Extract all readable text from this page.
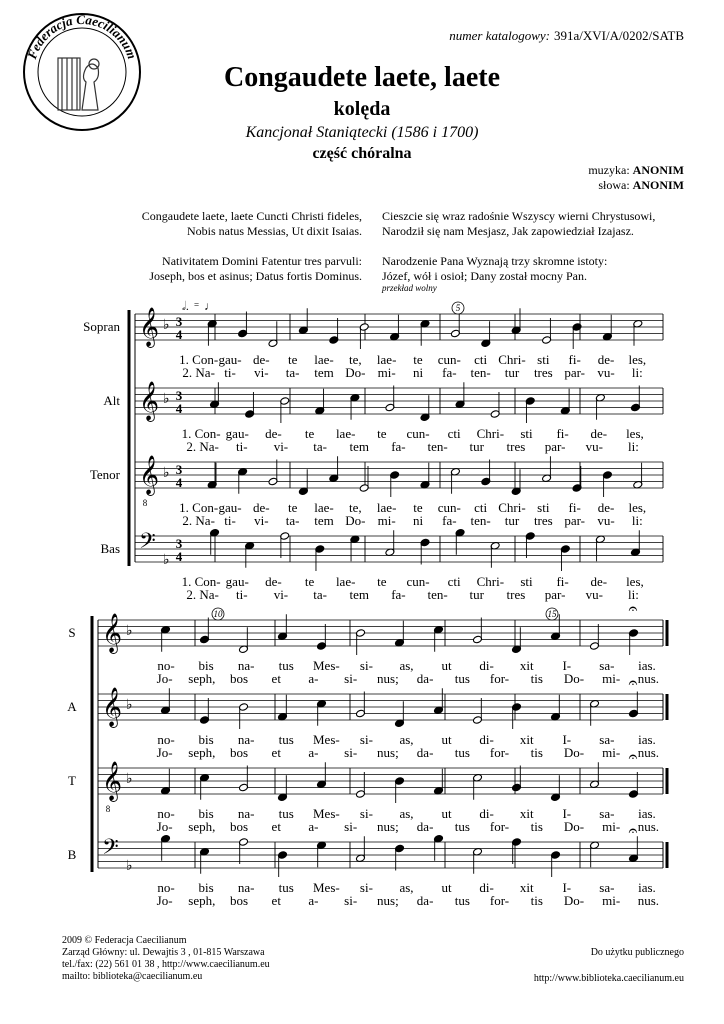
Federacja Caecilianum
numer katalogowy: 391a/XVI/A/0202/SATB
Congaudete laete, laete
kolęda
Kancjonał Staniątecki (1586 i 1700)
część chóralna
muzyka: ANONIM
słowa: ANONIM
Congaudete laete, laete Cuncti Christi fideles,
Nobis natus Messias, Ut dixit Isaias.
Nativitatem Domini Fatentur tres parvuli:
Joseph, bos et asinus; Datus fortis Dominus.
Cieszcie się wraz radośnie Wszyscy wierni Chrystusowi,
Narodził się nam Mesjasz, Jak zapowiedział Izajasz.
Narodzenie Pana Wyznają trzy skromne istoty:
Józef, wół i osioł; Dany został mocny Pan.
przekład wolny
𝄞 ♭ 3
4
Sopran
1. Con- gau- de- te lae- te, lae- te cun- cti Chri- sti fi- de- les,
2. Na- ti- vi- ta- tem Do- mi- ni fa- ten- tur tres par- vu- li:
𝄞 ♭ 3
4
Alt
1. Con- gau- de- te lae- te cun- cti Chri- sti fi- de- les,
2. Na- ti- vi- ta- tem fa- ten- tur tres par- vu- li:
𝄞
8
♭ 3
4
Tenor
1. Con- gau- de- te lae- te, lae- te cun- cti Chri- sti fi- de- les,
2. Na- ti- vi- ta- tem Do- mi- ni fa- ten- tur tres par- vu- li:
𝄢
♭
3
4
Bas
1. Con- gau- de- te lae- te cun- cti Chri- sti fi- de- les,
2. Na- ti- vi- ta- tem fa- ten- tur tres par- vu- li:
𝄞 ♭
S
no- bis na- tus Mes- si- as, ut di- xit I- sa- ias.
Jo- seph, bos et a- si- nus; da- tus for- tis Do- mi- nus.
𝄞 ♭
A
no- bis na- tus Mes- si- as, ut di- xit I- sa- ias.
Jo- seph, bos et a- si- nus; da- tus for- tis Do- mi- nus.
𝄞
8
♭
T
no- bis na- tus Mes- si- as, ut di- xit I- sa- ias.
Jo- seph, bos et a- si- nus; da- tus for- tis Do- mi- nus.
𝄢
♭
B
no- bis na- tus Mes- si- as, ut di- xit I- sa- ias.
Jo- seph, bos et a- si- nus; da- tus for- tis Do- mi- nus.
5
10	15
𝅗𝅥. = ♩
𝄐
𝄐
𝄐
𝄐
2009 © Federacja Caecilianum
Zarząd Główny: ul. Dewajtis 3 , 01-815 Warszawa
tel./fax: (22) 561 01 38 , http://www.caecilianum.eu
mailto: biblioteka@caecilianum.eu
Do użytku publicznego
http://www.biblioteka.caecilianum.eu
